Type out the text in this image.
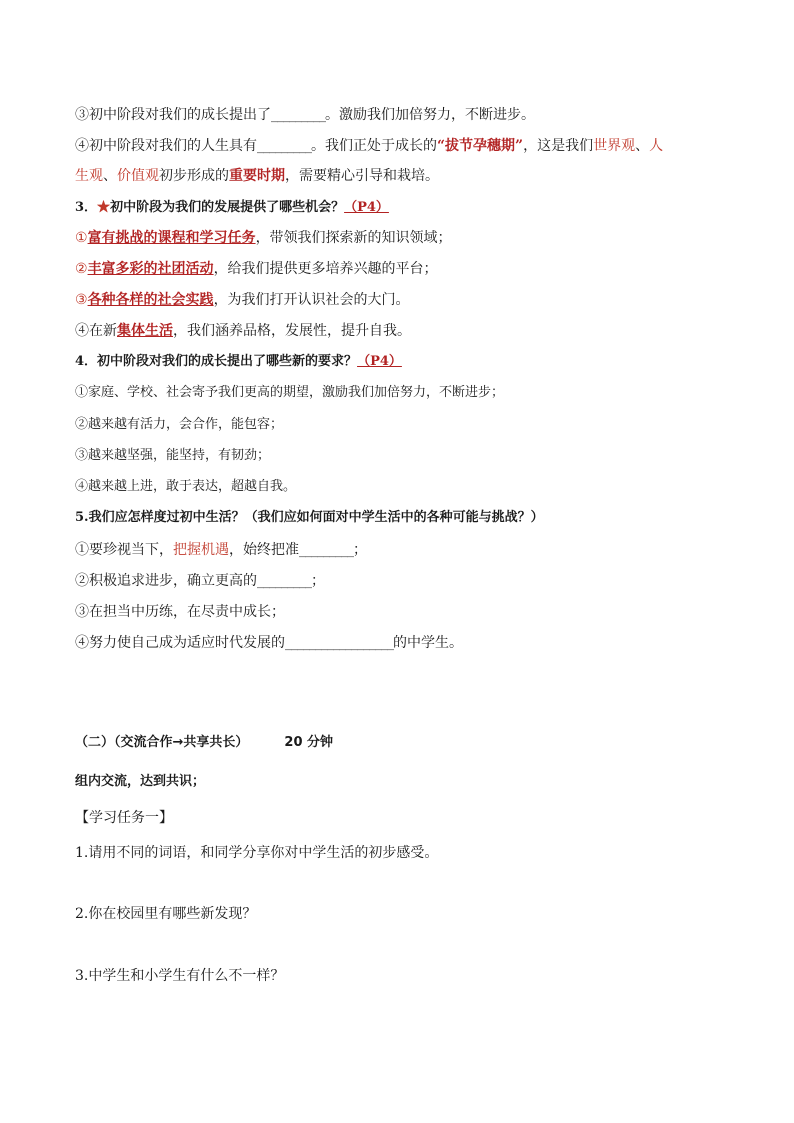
③初中阶段对我们的成长提出了_________。激励我们加倍努力，不断进步。
④初中阶段对我们的人生具有_________。我们正处于成长的“拔节孕穗期”，这是我们世界观、人
生观、价值观初步形成的重要时期，需要精心引导和栽培。
3．★初中阶段为我们的发展提供了哪些机会？（P4）
①富有挑战的课程和学习任务，带领我们探索新的知识领域；
②丰富多彩的社团活动，给我们提供更多培养兴趣的平台；
③各种各样的社会实践，为我们打开认识社会的大门。
④在新集体生活，我们涵养品格，发展性，提升自我。
4．初中阶段对我们的成长提出了哪些新的要求？（P4）
①家庭、学校、社会寄予我们更高的期望，激励我们加倍努力，不断进步；
②越来越有活力，会合作，能包容；
③越来越坚强，能坚持，有韧劲；
④越来越上进，敢于表达，超越自我。
5.我们应怎样度过初中生活？（我们应如何面对中学生活中的各种可能与挑战？）
①要珍视当下，把握机遇，始终把准_________；
②积极追求进步，确立更高的_________；
③在担当中历练，在尽责中成长；
④努力使自己成为适应时代发展的__________________的中学生。
（二）（交流合作→共享共长）	20 分钟
组内交流，达到共识；
【学习任务一】
1.请用不同的词语，和同学分享你对中学生活的初步感受。
2.你在校园里有哪些新发现？
3.中学生和小学生有什么不一样？
